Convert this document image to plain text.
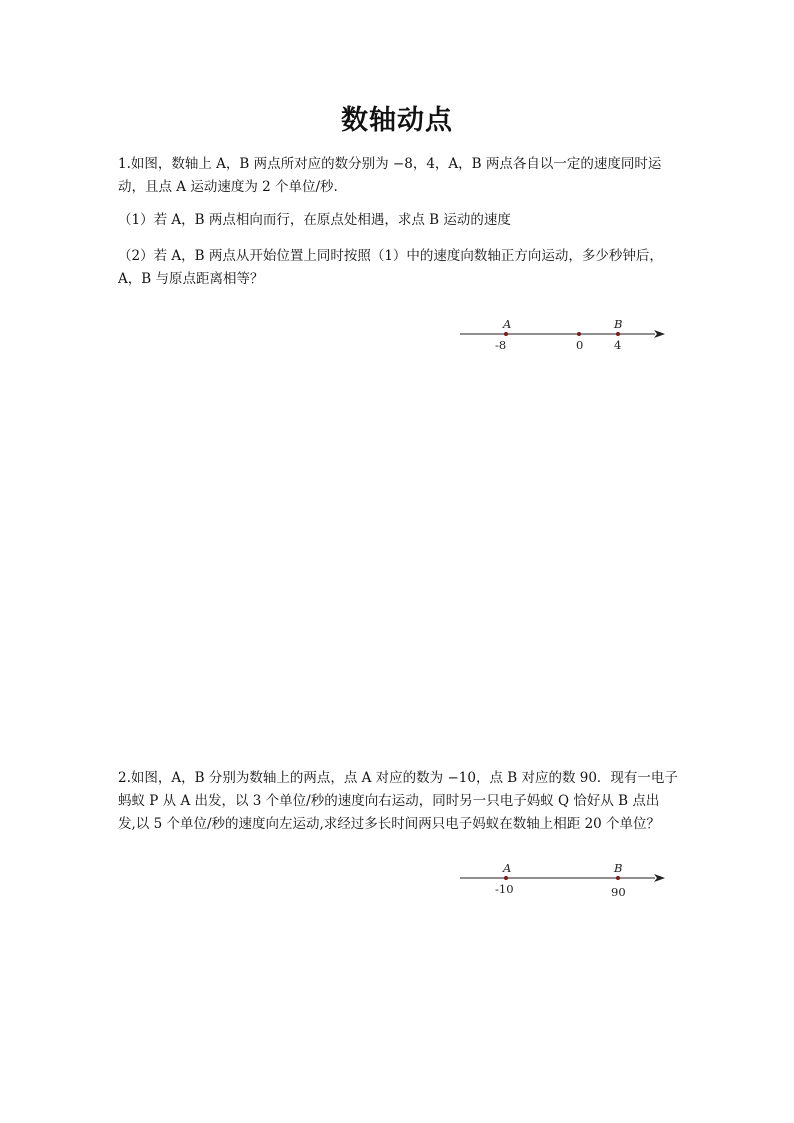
数轴动点
1.如图，数轴上 A，B 两点所对应的数分别为 −8，4，A，B 两点各自以一定的速度同时运
动，且点 A 运动速度为 2 个单位/秒.
（1）若 A，B 两点相向而行，在原点处相遇，求点 B 运动的速度
（2）若 A，B 两点从开始位置上同时按照（1）中的速度向数轴正方向运动，多少秒钟后，
A，B 与原点距离相等？
A	B
-8	0	4
2.如图，A，B 分别为数轴上的两点，点 A 对应的数为 −10，点 B 对应的数 90．现有一电子
蚂蚁 P 从 A 出发，以 3 个单位/秒的速度向右运动，同时另一只电子妈蚁 Q 恰好从 B 点出
发,以 5 个单位/秒的速度向左运动,求经过多长时间两只电子妈蚁在数轴上相距 20 个单位？
A	B
-10	90
